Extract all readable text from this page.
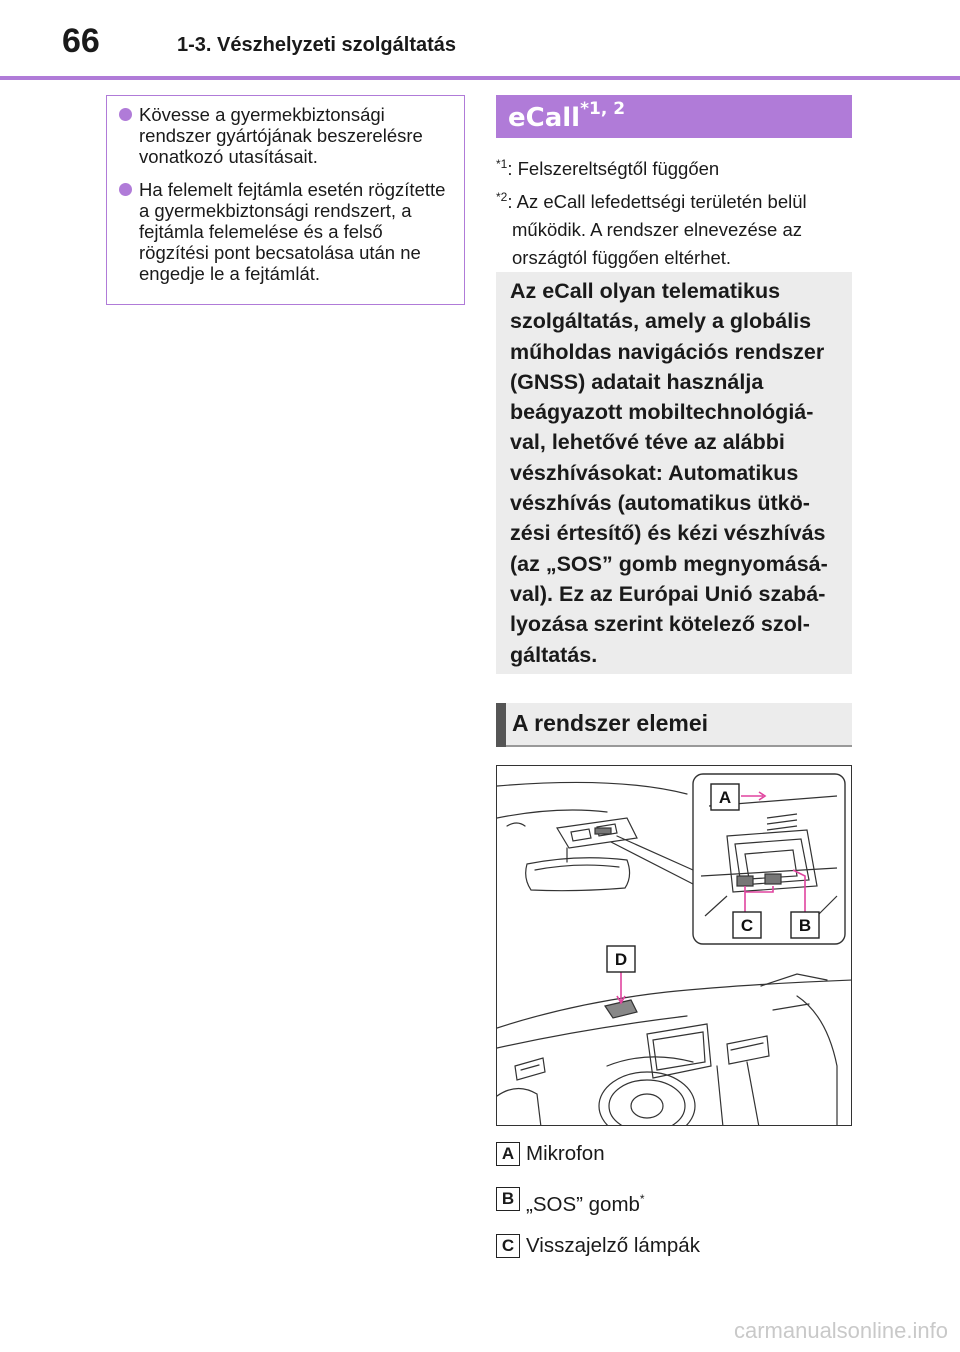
66	1-3. Vészhelyzeti szolgáltatás
Kövesse a gyermekbiztonsági rendszer gyártójának beszerelésre vonatkozó utasításait.
Ha felemelt fejtámla esetén rögzítette a gyermekbiztonsági rendszert, a fejtámla felemelése és a felső rögzítési pont becsatolása után ne engedje le a fejtámlát.
eCall$^{*1, 2}$
$^{*1}$: Felszereltségtől függően
$^{*2}$: Az eCall lefedettségi területén belül működik. A rendszer elnevezése az országtól függően eltérhet.
Az eCall olyan telematikus szolgáltatás, amely a globális műholdas navigációs rendszer (GNSS) adatait használja beágyazott mobiltechnológiával, lehetővé téve az alábbi vészhívásokat: Automatikus vészhívás (automatikus ütközési értesítő) és kézi vészhívás (az „SOS” gomb megnyomásával). Ez az Európai Unió szabályozása szerint kötelező szolgáltatás.
A rendszer elemei
A
C	B
D
A Mikrofon
B „SOS” gomb*
C Visszajelző lámpák
carmanualsonline.info
